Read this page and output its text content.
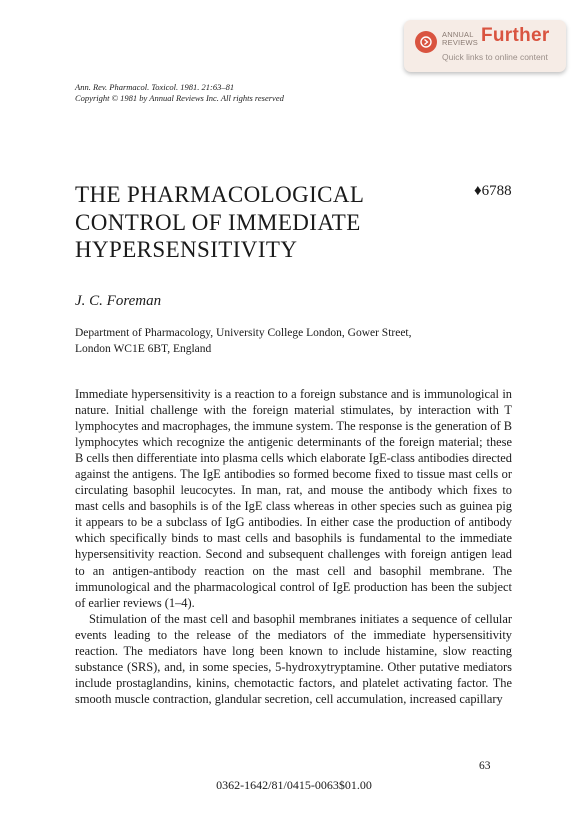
ANNUAL
REVIEWS Further
Quick links to online content
Ann. Rev. Pharmacol. Toxicol. 1981. 21:63–81
Copyright © 1981 by Annual Reviews Inc. All rights reserved
THE PHARMACOLOGICAL
CONTROL OF IMMEDIATE
HYPERSENSITIVITY
♦6788
J. C. Foreman
Department of Pharmacology, University College London, Gower Street,
London WC1E 6BT, England

Immediate hypersensitivity is a reaction to a foreign substance and is immunological in nature. Initial challenge with the foreign material stimulates, by interaction with T lymphocytes and macrophages, the immune system. The response is the generation of B lymphocytes which recognize the antigenic determinants of the foreign material; these B cells then differentiate into plasma cells which elaborate IgE-class antibodies directed against the antigens. The IgE antibodies so formed become fixed to tissue mast cells or circulating basophil leucocytes. In man, rat, and mouse the antibody which fixes to mast cells and basophils is of the IgE class whereas in other species such as guinea pig it appears to be a subclass of IgG antibodies. In either case the production of antibody which specifically binds to mast cells and basophils is fundamental to the immediate hypersensitivity reaction. Second and subsequent challenges with foreign antigen lead to an antigen-antibody reaction on the mast cell and basophil membrane. The immunological and the pharmacological control of IgE production has been the subject of earlier reviews (1–4).

Stimulation of the mast cell and basophil membranes initiates a sequence of cellular events leading to the release of the mediators of the immediate hypersensitivity reaction. The mediators have long been known to include histamine, slow reacting substance (SRS), and, in some species, 5-hydroxytryptamine. Other putative mediators include prostaglandins, kinins, chemotactic factors, and platelet activating factor. The smooth muscle contraction, glandular secretion, cell accumulation, increased capillary

63
0362-1642/81/0415-0063$01.00
